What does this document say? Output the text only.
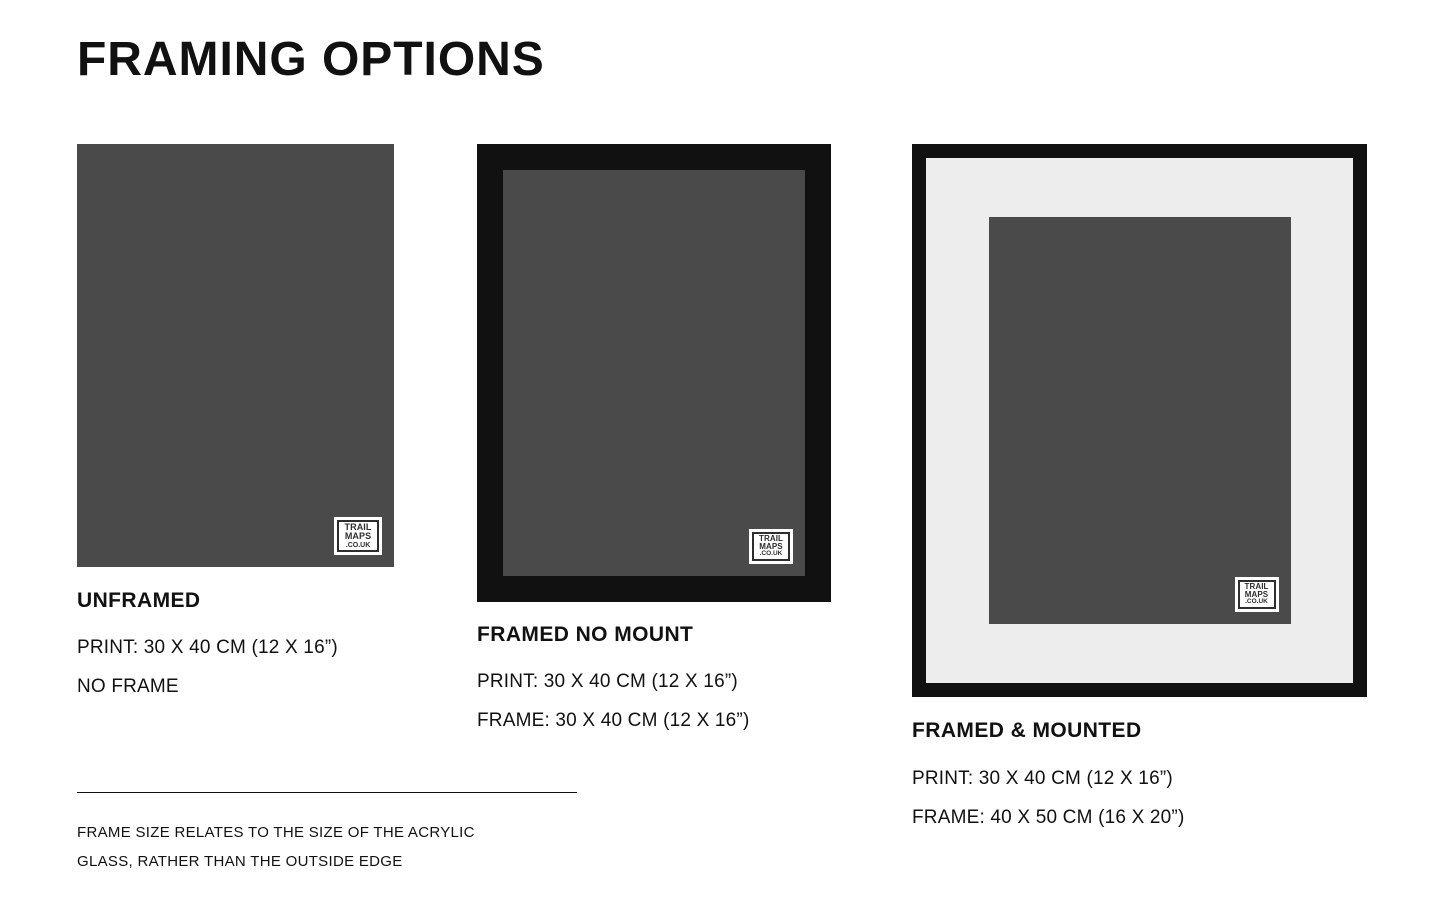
FRAMING OPTIONS
TRAIL
MAPS
.CO.UK

UNFRAMED

PRINT: 30 X 40 CM (12 X 16”)

NO FRAME

TRAIL
MAPS
.CO.UK

FRAMED NO MOUNT

PRINT: 30 X 40 CM (12 X 16”)

FRAME: 30 X 40 CM (12 X 16”)

TRAIL
MAPS
.CO.UK

FRAMED & MOUNTED

PRINT: 30 X 40 CM (12 X 16”)

FRAME: 40 X 50 CM (16 X 20”)

FRAME SIZE RELATES TO THE SIZE OF THE ACRYLIC
GLASS, RATHER THAN THE OUTSIDE EDGE
